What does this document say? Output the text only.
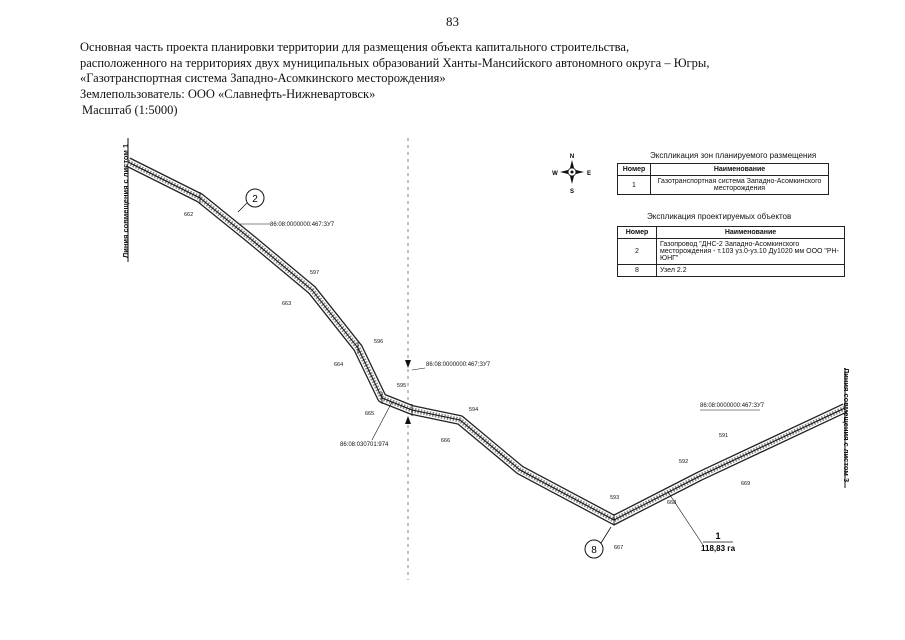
83
Основная часть проекта планировки территории для размещения объекта капитального строительства,
расположенного на территориях двух муниципальных образований Ханты-Мансийского автономного округа – Югры,
«Газотранспортная система Западно-Асомкинского месторождения»
Землепользователь: ООО «Славнефть-Нижневартовск»
Масштаб (1:5000)
2
8
1
118,83 га
86:08:0000000:467:ЗУ7
86:08:0000000:467:ЗУ7
86:08:030701:974
86:08:0000000:467:ЗУ7
662
663
664
665
666
667
668
669
591
592
593
594
595
596
597
N
S
E
W
Линия совмещения с листом 1
Линия совмещения с листом 3
Экспликация зон планируемого размещения
Номер	Наименование
1	Газотранспортная система Западно-Асомкинского месторождения
Экспликация проектируемых объектов
Номер	Наименование
2	Газопровод "ДНС-2 Западно-Асомкинского месторождения - т.103 уз.0-уз.10 Ду1020 мм ООО "РН-ЮНГ"
8	Узел 2.2
